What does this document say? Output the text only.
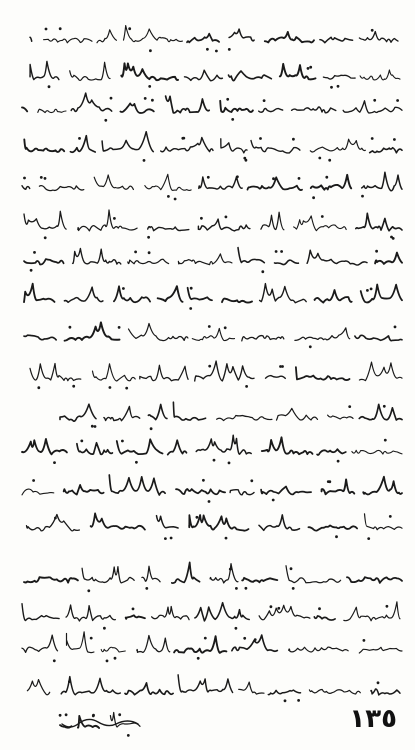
١٣٥
